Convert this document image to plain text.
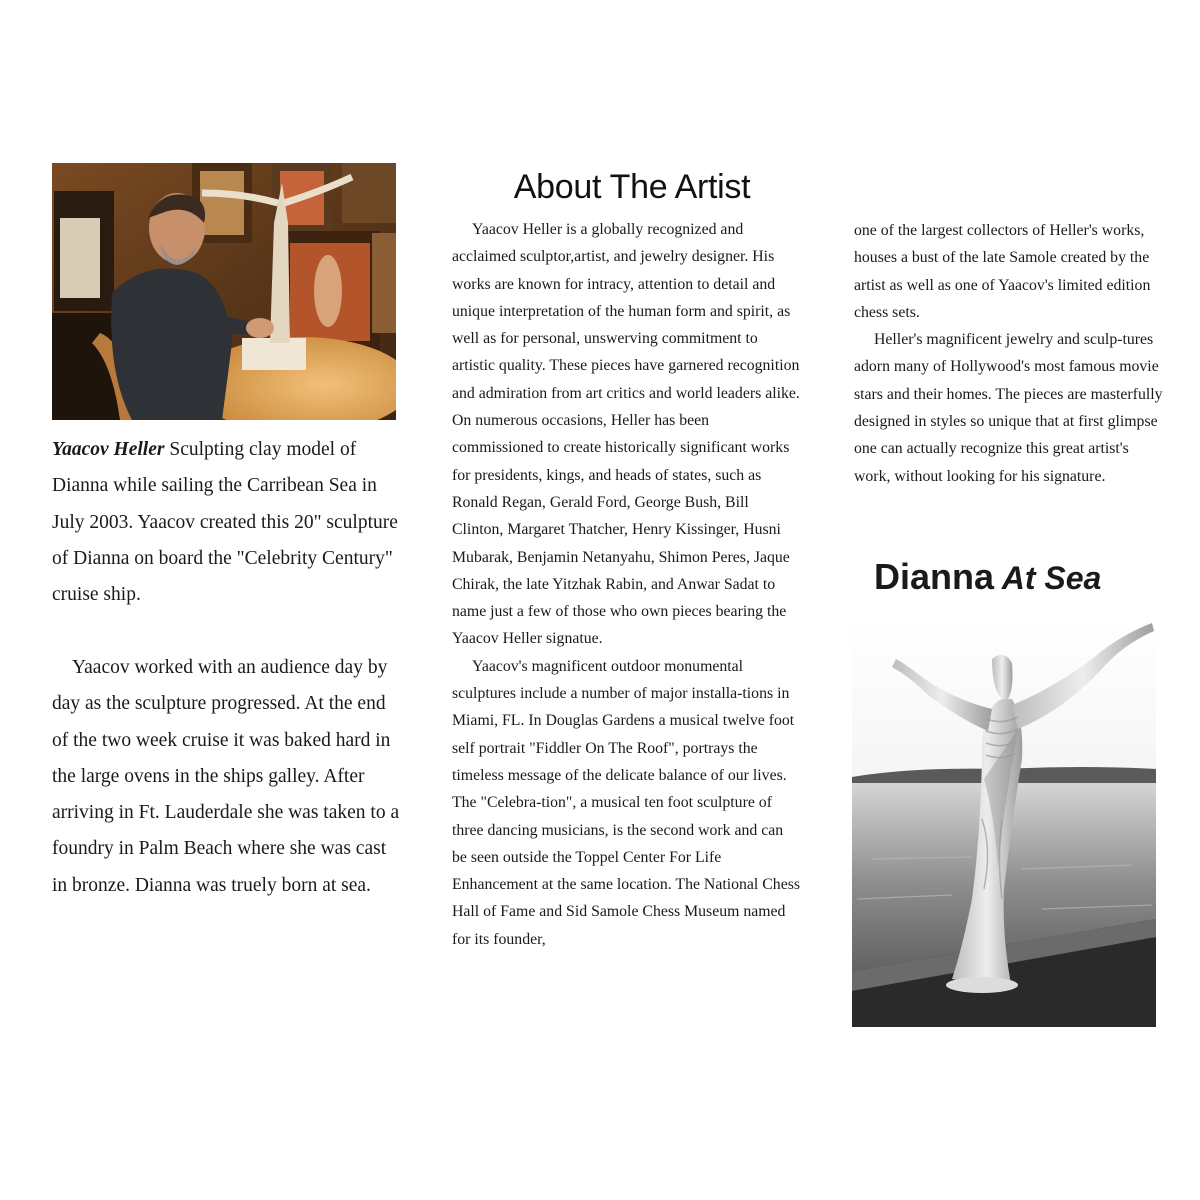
Yaacov Heller Sculpting clay model of Dianna while sailing the Carribean Sea in July 2003. Yaacov created this 20" sculpture of Dianna on board the "Celebrity Century" cruise ship.

Yaacov worked with an audience day by day as the sculpture progressed. At the end of the two week cruise it was baked hard in the large ovens in the ships galley. After arriving in Ft. Lauderdale she was taken to a foundry in Palm Beach where she was cast in bronze. Dianna was truely born at sea.

About The Artist

Yaacov Heller is a globally recognized and acclaimed sculptor,artist, and jewelry designer. His works are known for intracy, attention to detail and unique interpretation of the human form and spirit, as well as for personal, unswerving commitment to artistic quality. These pieces have garnered recognition and admiration from art critics and world leaders alike. On numerous occasions, Heller has been commissioned to create historically significant works for presidents, kings, and heads of states, such as Ronald Regan, Gerald Ford, George Bush, Bill Clinton, Margaret Thatcher, Henry Kissinger, Husni Mubarak, Benjamin Netanyahu, Shimon Peres, Jaque Chirak, the late Yitzhak Rabin, and Anwar Sadat to name just a few of those who own pieces bearing the Yaacov Heller signatue.

Yaacov's magnificent outdoor monumental sculptures include a number of major installa-tions in Miami, FL. In Douglas Gardens a musical twelve foot self portrait "Fiddler On The Roof", portrays the timeless message of the delicate balance of our lives. The "Celebra-tion", a musical ten foot sculpture of three dancing musicians, is the second work and can be seen outside the Toppel Center For Life Enhancement at the same location. The National Chess Hall of Fame and Sid Samole Chess Museum named for its founder,

one of the largest collectors of Heller's works, houses a bust of the late Samole created by the artist as well as one of Yaacov's limited edition chess sets.

Heller's magnificent jewelry and sculp-tures adorn many of Hollywood's most famous movie stars and their homes. The pieces are masterfully designed in styles so unique that at first glimpse one can actually recognize this great artist's work, without looking for his signature.

Dianna At Sea
